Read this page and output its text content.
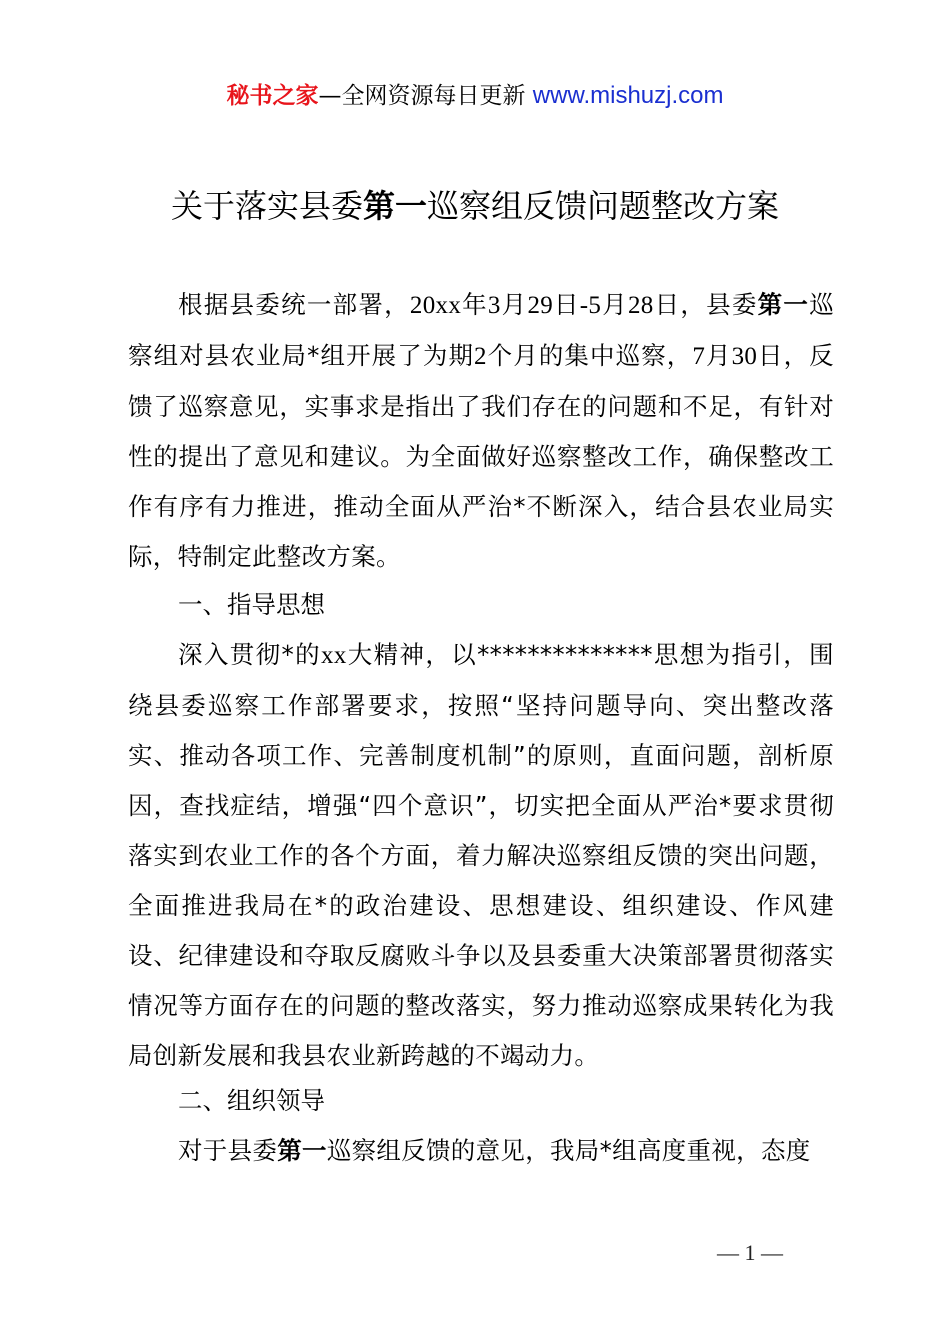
秘书之家—全网资源每日更新 www.mishuzj.com
关于落实县委第一巡察组反馈问题整改方案

根据县委统一部署，20xx年3月29日-5月28日，县委第一巡察组对县农业局*组开展了为期2个月的集中巡察，7月30日，反馈了巡察意见，实事求是指出了我们存在的问题和不足，有针对性的提出了意见和建议。为全面做好巡察整改工作，确保整改工作有序有力推进，推动全面从严治*不断深入，结合县农业局实际，特制定此整改方案。

一、指导思想

深入贯彻*的xx大精神，以**************思想为指引，围绕县委巡察工作部署要求，按照“坚持问题导向、突出整改落实、推动各项工作、完善制度机制”的原则，直面问题，剖析原因，查找症结，增强“四个意识”，切实把全面从严治*要求贯彻落实到农业工作的各个方面，着力解决巡察组反馈的突出问题，全面推进我局在*的政治建设、思想建设、组织建设、作风建设、纪律建设和夺取反腐败斗争以及县委重大决策部署贯彻落实情况等方面存在的问题的整改落实，努力推动巡察成果转化为我局创新发展和我县农业新跨越的不竭动力。

二、组织领导

对于县委第一巡察组反馈的意见，我局*组高度重视，态度

— 1 —
